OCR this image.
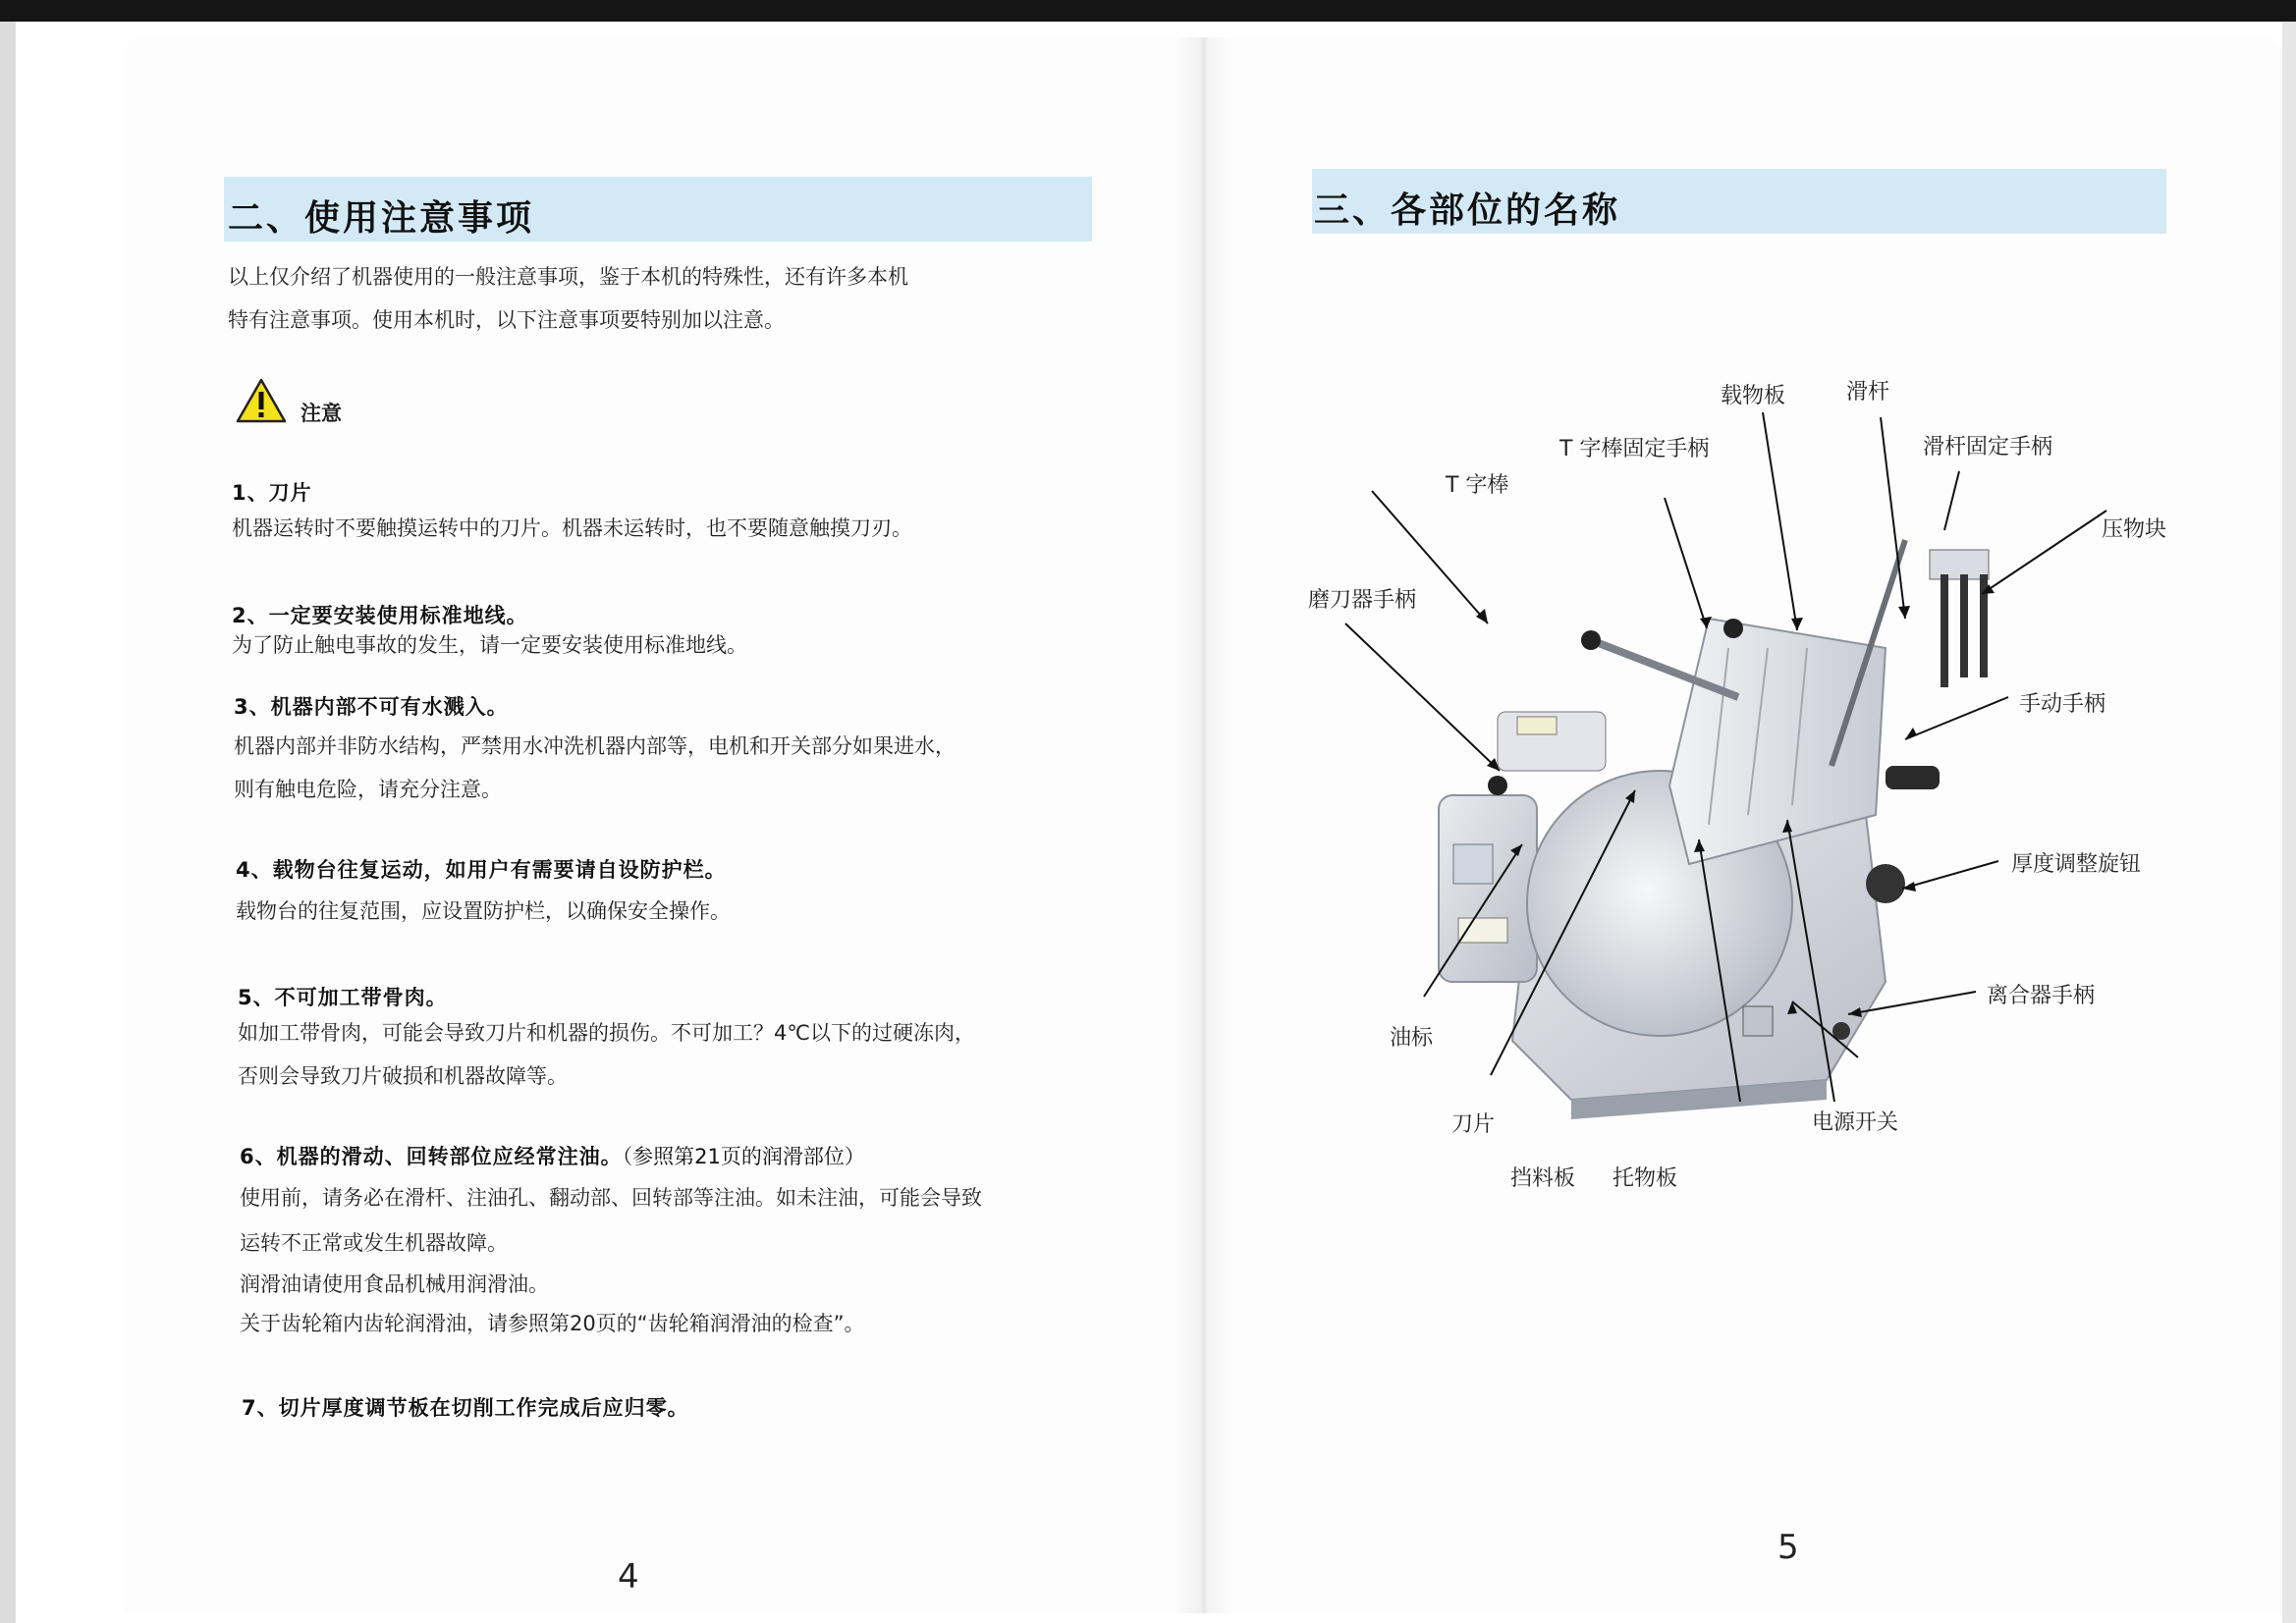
二、使用注意事项
以上仅介绍了机器使用的一般注意事项，鉴于本机的特殊性，还有许多本机
特有注意事项。使用本机时，以下注意事项要特别加以注意。
注意
1、刀片
机器运转时不要触摸运转中的刀片。机器未运转时，也不要随意触摸刀刃。
2、一定要安装使用标准地线。
为了防止触电事故的发生，请一定要安装使用标准地线。
3、机器内部不可有水溅入。
机器内部并非防水结构，严禁用水冲洗机器内部等，电机和开关部分如果进水，
则有触电危险，请充分注意。
4、载物台往复运动，如用户有需要请自设防护栏。
载物台的往复范围，应设置防护栏，以确保安全操作。
5、不可加工带骨肉。
如加工带骨肉，可能会导致刀片和机器的损伤。不可加工？4℃以下的过硬冻肉，
否则会导致刀片破损和机器故障等。
6、机器的滑动、回转部位应经常注油。（参照第21页的润滑部位）
使用前，请务必在滑杆、注油孔、翻动部、回转部等注油。如未注油，可能会导致
运转不正常或发生机器故障。
润滑油请使用食品机械用润滑油。
关于齿轮箱内齿轮润滑油，请参照第20页的“齿轮箱润滑油的检查”。
7、切片厚度调节板在切削工作完成后应归零。
4
三、各部位的名称
载物板	滑杆
T 字棒固定手柄	滑杆固定手柄
T 字棒
压物块
磨刀器手柄
手动手柄
厚度调整旋钮
离合器手柄
油标
刀片	电源开关
挡料板 托物板
5
